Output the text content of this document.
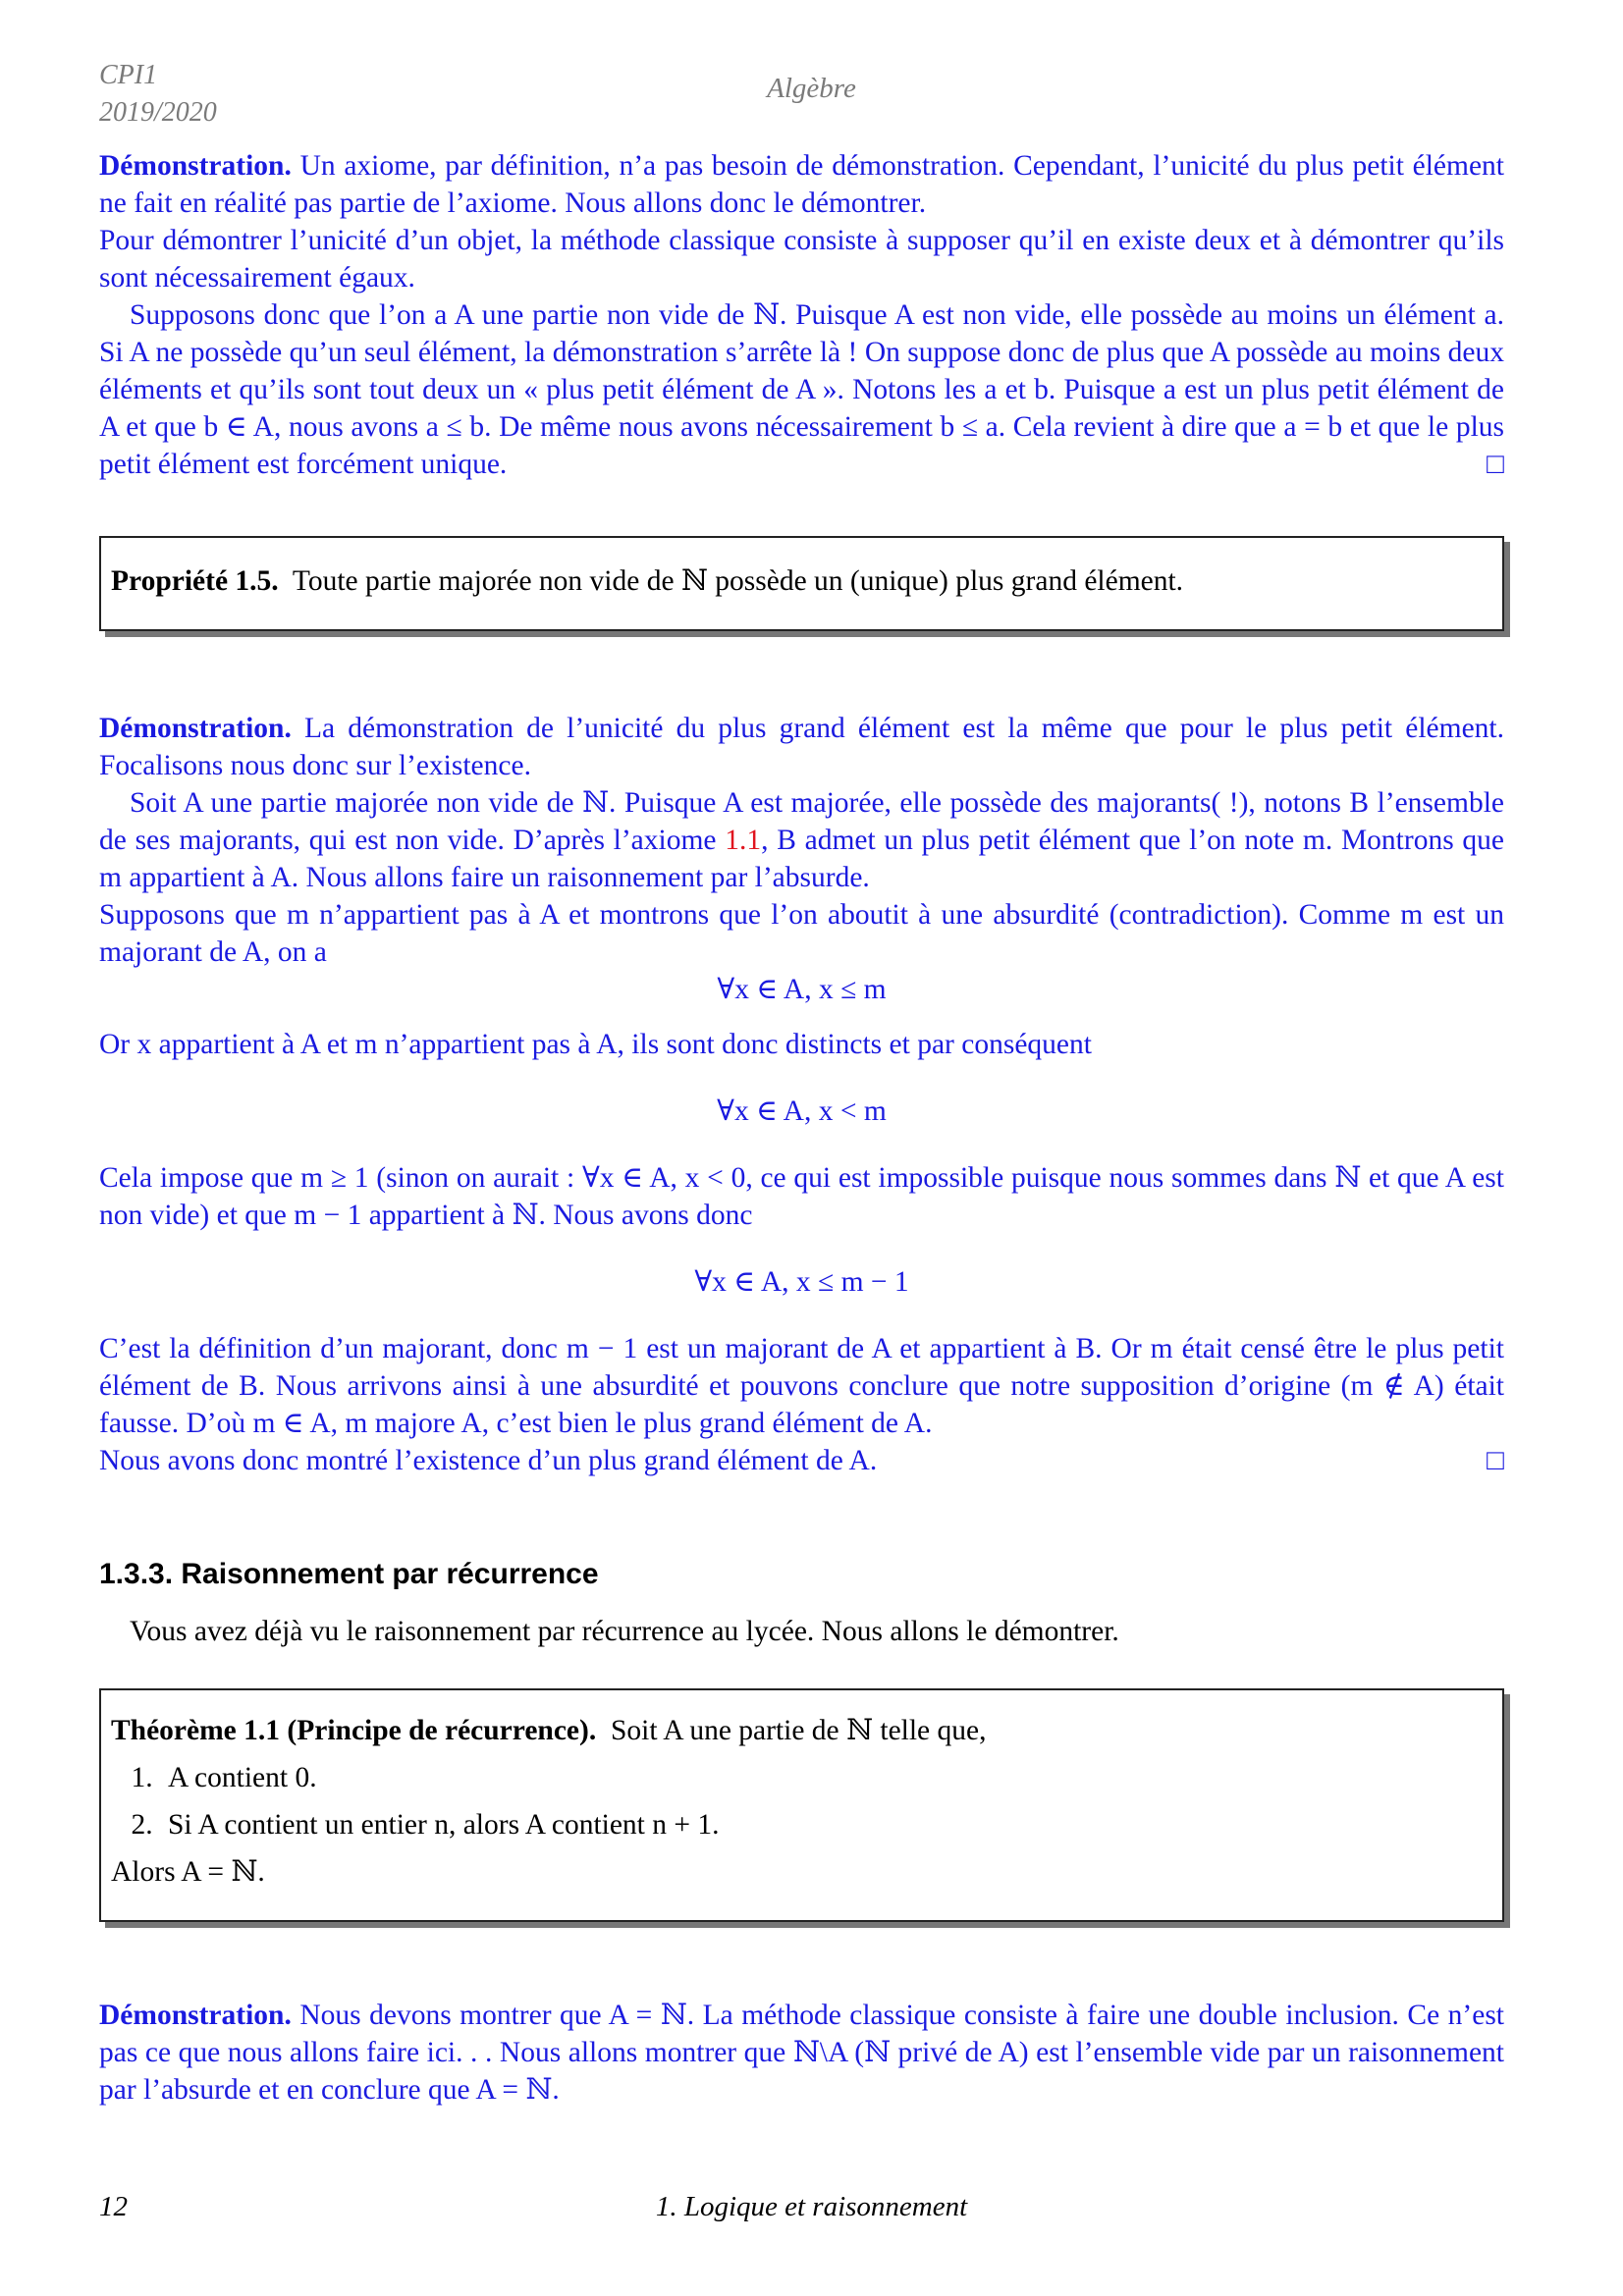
CPI1
2019/2020
Algèbre

Démonstration. Un axiome, par définition, n’a pas besoin de démonstration. Cependant, l’unicité du plus petit élément ne fait en réalité pas partie de l’axiome. Nous allons donc le démontrer.

Pour démontrer l’unicité d’un objet, la méthode classique consiste à supposer qu’il en existe deux et à démontrer qu’ils sont nécessairement égaux.

Supposons donc que l’on a A une partie non vide de ℕ. Puisque A est non vide, elle possède au moins un élément a. Si A ne possède qu’un seul élément, la démonstration s’arrête là ! On suppose donc de plus que A possède au moins deux éléments et qu’ils sont tout deux un « plus petit élément de A ». Notons les a et b. Puisque a est un plus petit élément de A et que b ∈ A, nous avons a ≤ b. De même nous avons nécessairement b ≤ a. Cela revient à dire que a = b et que le plus petit élément est forcément unique.	□

Propriété 1.5. Toute partie majorée non vide de ℕ possède un (unique) plus grand élément.

Démonstration. La démonstration de l’unicité du plus grand élément est la même que pour le plus petit élément. Focalisons nous donc sur l’existence.

Soit A une partie majorée non vide de ℕ. Puisque A est majorée, elle possède des majorants( !), notons B l’ensemble de ses majorants, qui est non vide. D’après l’axiome 1.1, B admet un plus petit élément que l’on note m. Montrons que m appartient à A. Nous allons faire un raisonnement par l’absurde.

Supposons que m n’appartient pas à A et montrons que l’on aboutit à une absurdité (contradiction). Comme m est un majorant de A, on a

∀x ∈ A, x ≤ m

Or x appartient à A et m n’appartient pas à A, ils sont donc distincts et par conséquent

∀x ∈ A, x < m

Cela impose que m ≥ 1 (sinon on aurait : ∀x ∈ A, x < 0, ce qui est impossible puisque nous sommes dans ℕ et que A est non vide) et que m − 1 appartient à ℕ. Nous avons donc

∀x ∈ A, x ≤ m − 1

C’est la définition d’un majorant, donc m − 1 est un majorant de A et appartient à B. Or m était censé être le plus petit élément de B. Nous arrivons ainsi à une absurdité et pouvons conclure que notre supposition d’origine (m ∉ A) était fausse. D’où m ∈ A, m majore A, c’est bien le plus grand élément de A.

Nous avons donc montré l’existence d’un plus grand élément de A.	□

1.3.3. Raisonnement par récurrence

Vous avez déjà vu le raisonnement par récurrence au lycée. Nous allons le démontrer.

Théorème 1.1 (Principe de récurrence). Soit A une partie de ℕ telle que,

1. A contient 0.
2. Si A contient un entier n, alors A contient n + 1.

Alors A = ℕ.

Démonstration. Nous devons montrer que A = ℕ. La méthode classique consiste à faire une double inclusion. Ce n’est pas ce que nous allons faire ici. . . Nous allons montrer que ℕ\A (ℕ privé de A) est l’ensemble vide par un raisonnement par l’absurde et en conclure que A = ℕ.

12	1. Logique et raisonnement
